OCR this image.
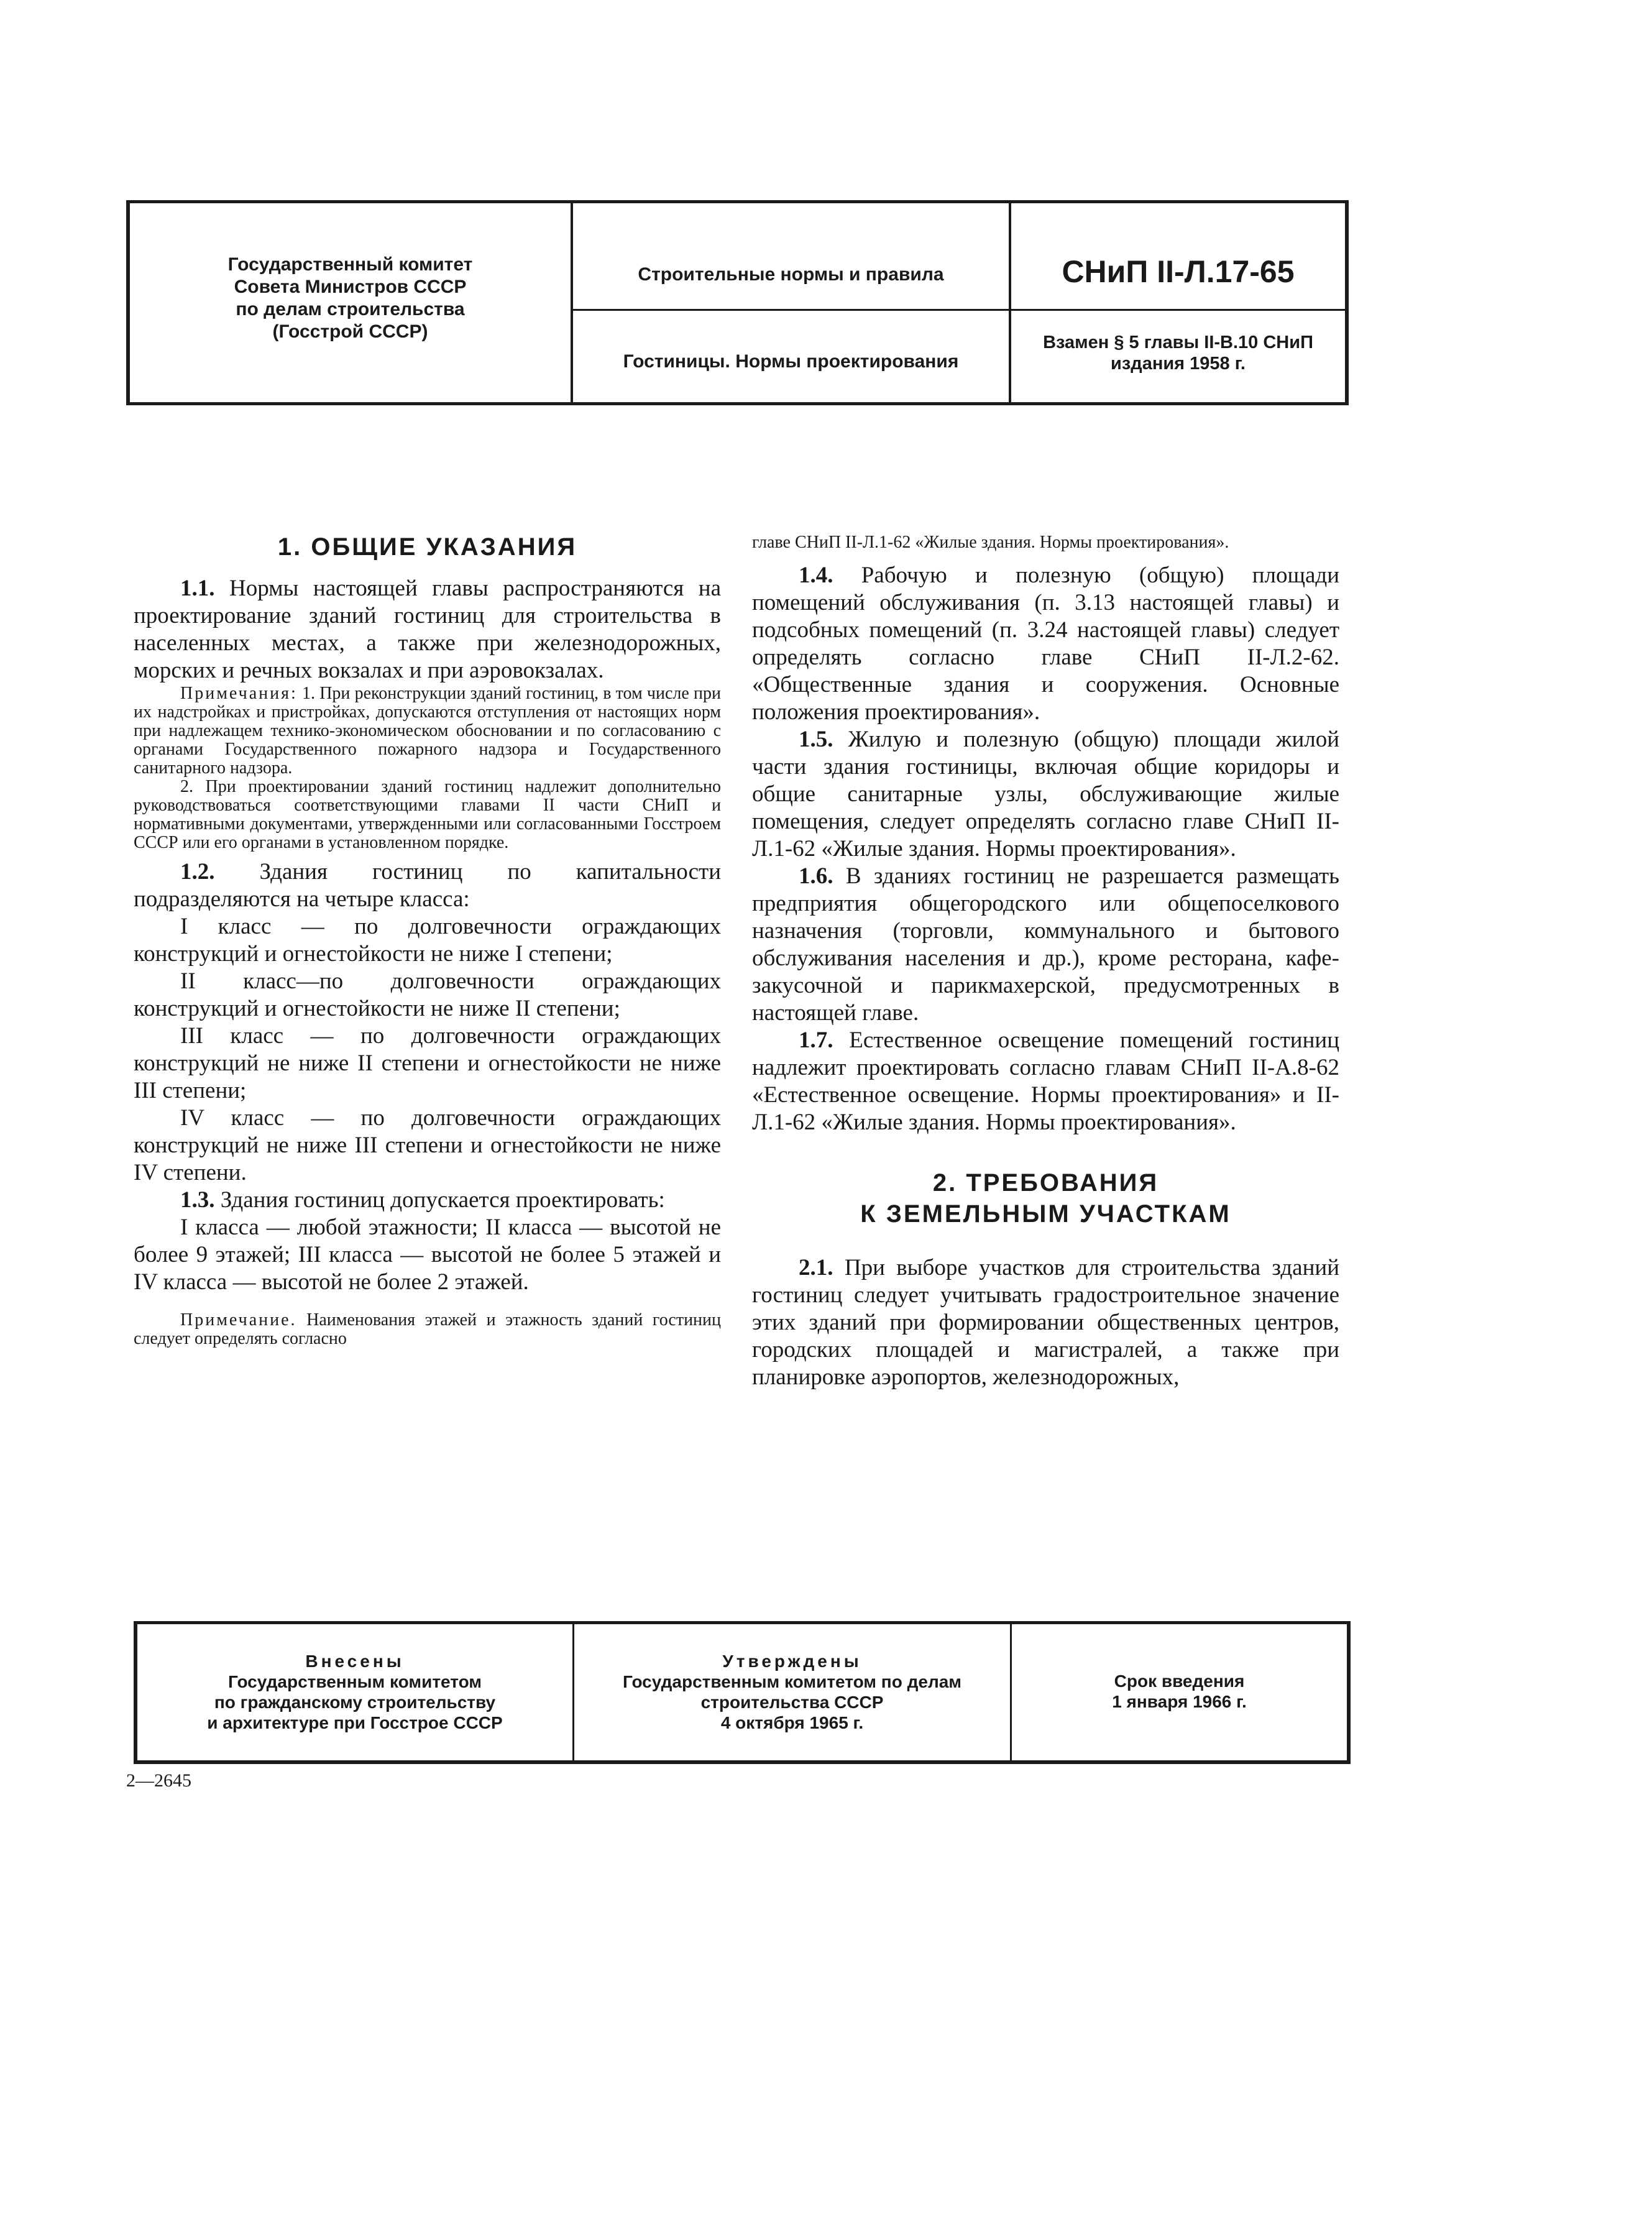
Государственный комитет
Совета Министров СССР
по делам строительства
(Госстрой СССР)
Строительные нормы и правила
Гостиницы. Нормы проектирования
СНиП II-Л.17-65
Взамен § 5 главы II-В.10 СНиП
издания 1958 г.
1. ОБЩИЕ УКАЗАНИЯ

1.1. Нормы настоящей главы распространяются на проектирование зданий гостиниц для строительства в населенных местах, а также при железнодорожных, морских и речных вокзалах и при аэровокзалах.

Примечания: 1. При реконструкции зданий гостиниц, в том числе при их надстройках и пристройках, допускаются отступления от настоящих норм при надлежащем технико-экономическом обосновании и по согласованию с органами Государственного пожарного надзора и Государственного санитарного надзора.

2. При проектировании зданий гостиниц надлежит дополнительно руководствоваться соответствующими главами II части СНиП и нормативными документами, утвержденными или согласованными Госстроем СССР или его органами в установленном порядке.

1.2. Здания гостиниц по капитальности подразделяются на четыре класса:

I класс — по долговечности ограждающих конструкций и огнестойкости не ниже I степени;

II класс—по долговечности ограждающих конструкций и огнестойкости не ниже II степени;

III класс — по долговечности ограждающих конструкций не ниже II степени и огнестойкости не ниже III степени;

IV класс — по долговечности ограждающих конструкций не ниже III степени и огнестойкости не ниже IV степени.

1.3. Здания гостиниц допускается проектировать:

I класса — любой этажности; II класса — высотой не более 9 этажей; III класса — высотой не более 5 этажей и IV класса — высотой не более 2 этажей.

Примечание. Наименования этажей и этажность зданий гостиниц следует определять согласно

главе СНиП II-Л.1-62 «Жилые здания. Нормы проектирования».

1.4. Рабочую и полезную (общую) площади помещений обслуживания (п. 3.13 настоящей главы) и подсобных помещений (п. 3.24 настоящей главы) следует определять согласно главе СНиП II-Л.2-62. «Общественные здания и сооружения. Основные положения проектирования».

1.5. Жилую и полезную (общую) площади жилой части здания гостиницы, включая общие коридоры и общие санитарные узлы, обслуживающие жилые помещения, следует определять согласно главе СНиП II-Л.1-62 «Жилые здания. Нормы проектирования».

1.6. В зданиях гостиниц не разрешается размещать предприятия общегородского или общепоселкового назначения (торговли, коммунального и бытового обслуживания населения и др.), кроме ресторана, кафе-закусочной и парикмахерской, предусмотренных в настоящей главе.

1.7. Естественное освещение помещений гостиниц надлежит проектировать согласно главам СНиП II-А.8-62 «Естественное освещение. Нормы проектирования» и II-Л.1-62 «Жилые здания. Нормы проектирования».

2. ТРЕБОВАНИЯ
К ЗЕМЕЛЬНЫМ УЧАСТКАМ

2.1. При выборе участков для строительства зданий гостиниц следует учитывать градостроительное значение этих зданий при формировании общественных центров, городских площадей и магистралей, а также при планировке аэропортов, железнодорожных,

Внесены
Государственным комитетом
по гражданскому строительству
и архитектуре при Госстрое СССР
Утверждены
Государственным комитетом по делам
строительства СССР
4 октября 1965 г.
Срок введения
1 января 1966 г.
2—2645
